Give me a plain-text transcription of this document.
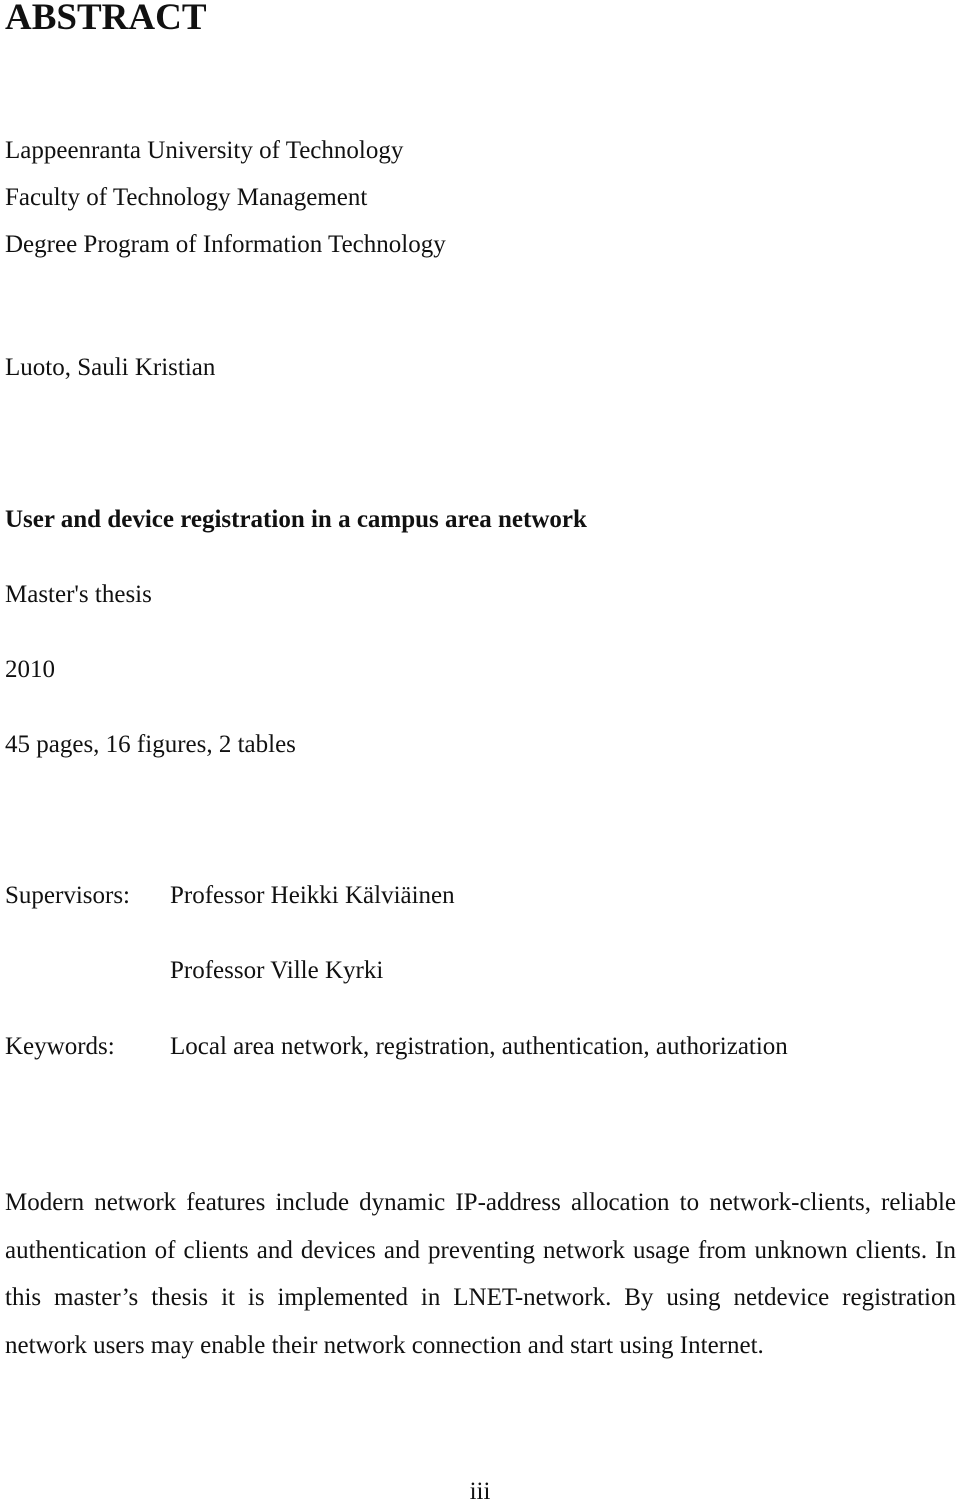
ABSTRACT
Lappeenranta University of Technology
Faculty of Technology Management
Degree Program of Information Technology
Luoto, Sauli Kristian
User and device registration in a campus area network
Master's thesis
2010
45 pages, 16 figures, 2 tables
Supervisors: Professor Heikki Kälviäinen
Professor Ville Kyrki
Keywords: Local area network, registration, authentication, authorization
Modern network features include dynamic IP-address allocation to network-clients, reliable authentication of clients and devices and preventing network usage from unknown clients. In this master’s thesis it is implemented in LNET-network. By using netdevice registration network users may enable their network connection and start using Internet.
iii
